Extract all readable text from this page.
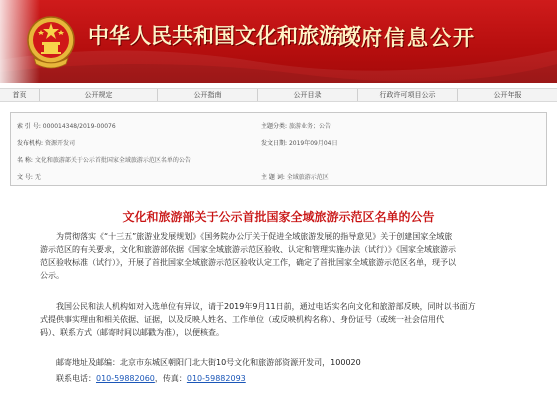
中华人民共和国文化和旅游部
政府信息公开
首页	公开规定	公开指南	公开目录	行政许可项目公示	公开年报
索 引 号: 000014348/2019-00076	主题分类: 旅游业务；公告
发布机构: 资源开发司	发文日期: 2019年09月04日
名 称: 文化和旅游部关于公示首批国家全域旅游示范区名单的公告
文 号: 无	主 题 词: 全域旅游示范区
文化和旅游部关于公示首批国家全域旅游示范区名单的公告
为贯彻落实《“十三五”旅游业发展规划》《国务院办公厅关于促进全域旅游发展的指导意见》关于创建国家全域旅
游示范区的有关要求，文化和旅游部依据《国家全域旅游示范区验收、认定和管理实施办法（试行）》《国家全域旅游示
范区验收标准（试行）》，开展了首批国家全域旅游示范区验收认定工作，确定了首批国家全域旅游示范区名单，现予以
公示。
我国公民和法人机构如对入选单位有异议，请于2019年9月11日前，通过电话实名向文化和旅游部反映，同时以书面方
式提供事实理由和相关依据、证据，以及反映人姓名、工作单位（或反映机构名称）、身份证号（或统一社会信用代
码）、联系方式（邮寄时间以邮戳为准），以便核查。
邮寄地址及邮编：北京市东城区朝阳门北大街10号文化和旅游部资源开发司，100020
联系电话：010-59882060，传真：010-59882093
